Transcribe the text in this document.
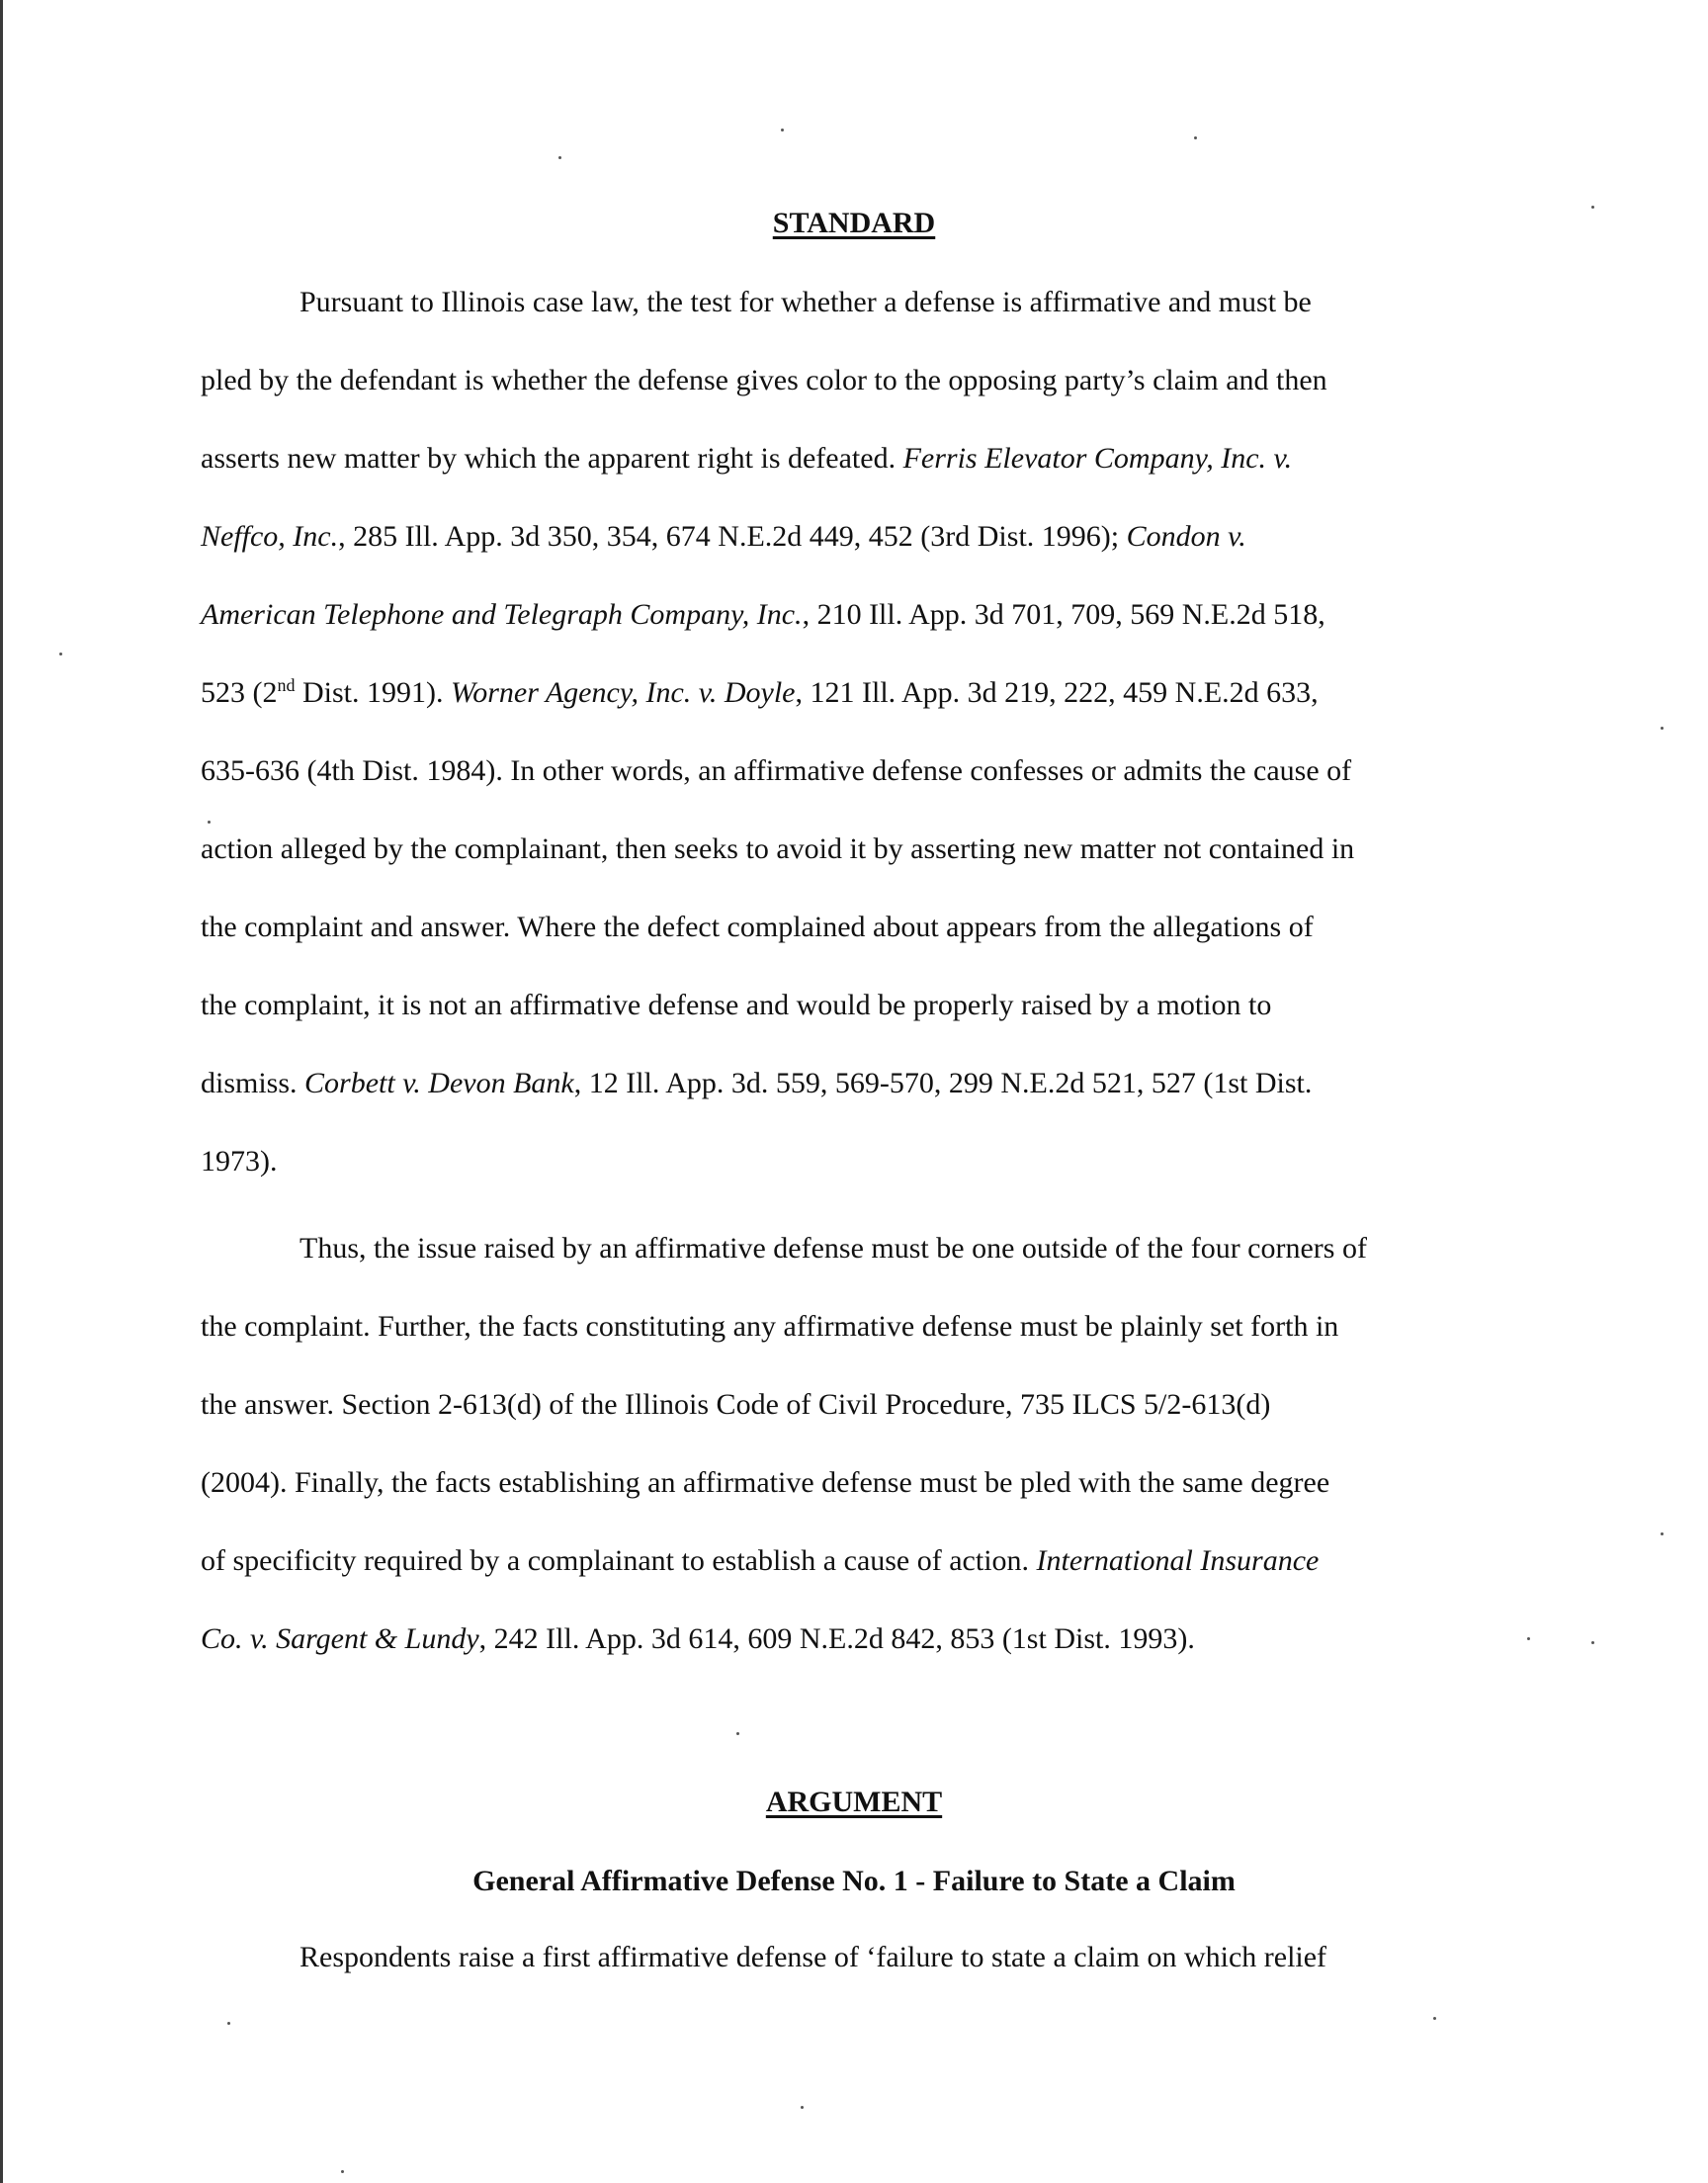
STANDARD
Pursuant to Illinois case law, the test for whether a defense is affirmative and must be
pled by the defendant is whether the defense gives color to the opposing party’s claim and then
asserts new matter by which the apparent right is defeated. Ferris Elevator Company, Inc. v.
Neffco, Inc., 285 Ill. App. 3d 350, 354, 674 N.E.2d 449, 452 (3rd Dist. 1996); Condon v.
American Telephone and Telegraph Company, Inc., 210 Ill. App. 3d 701, 709, 569 N.E.2d 518,
523 (2nd Dist. 1991). Worner Agency, Inc. v. Doyle, 121 Ill. App. 3d 219, 222, 459 N.E.2d 633,
635-636 (4th Dist. 1984). In other words, an affirmative defense confesses or admits the cause of
action alleged by the complainant, then seeks to avoid it by asserting new matter not contained in
the complaint and answer. Where the defect complained about appears from the allegations of
the complaint, it is not an affirmative defense and would be properly raised by a motion to
dismiss. Corbett v. Devon Bank, 12 Ill. App. 3d. 559, 569-570, 299 N.E.2d 521, 527 (1st Dist.
1973).
Thus, the issue raised by an affirmative defense must be one outside of the four corners of
the complaint. Further, the facts constituting any affirmative defense must be plainly set forth in
the answer. Section 2-613(d) of the Illinois Code of Civil Procedure, 735 ILCS 5/2-613(d)
(2004). Finally, the facts establishing an affirmative defense must be pled with the same degree
of specificity required by a complainant to establish a cause of action. International Insurance
Co. v. Sargent & Lundy, 242 Ill. App. 3d 614, 609 N.E.2d 842, 853 (1st Dist. 1993).
ARGUMENT
General Affirmative Defense No. 1 - Failure to State a Claim
Respondents raise a first affirmative defense of ‘failure to state a claim on which relief
